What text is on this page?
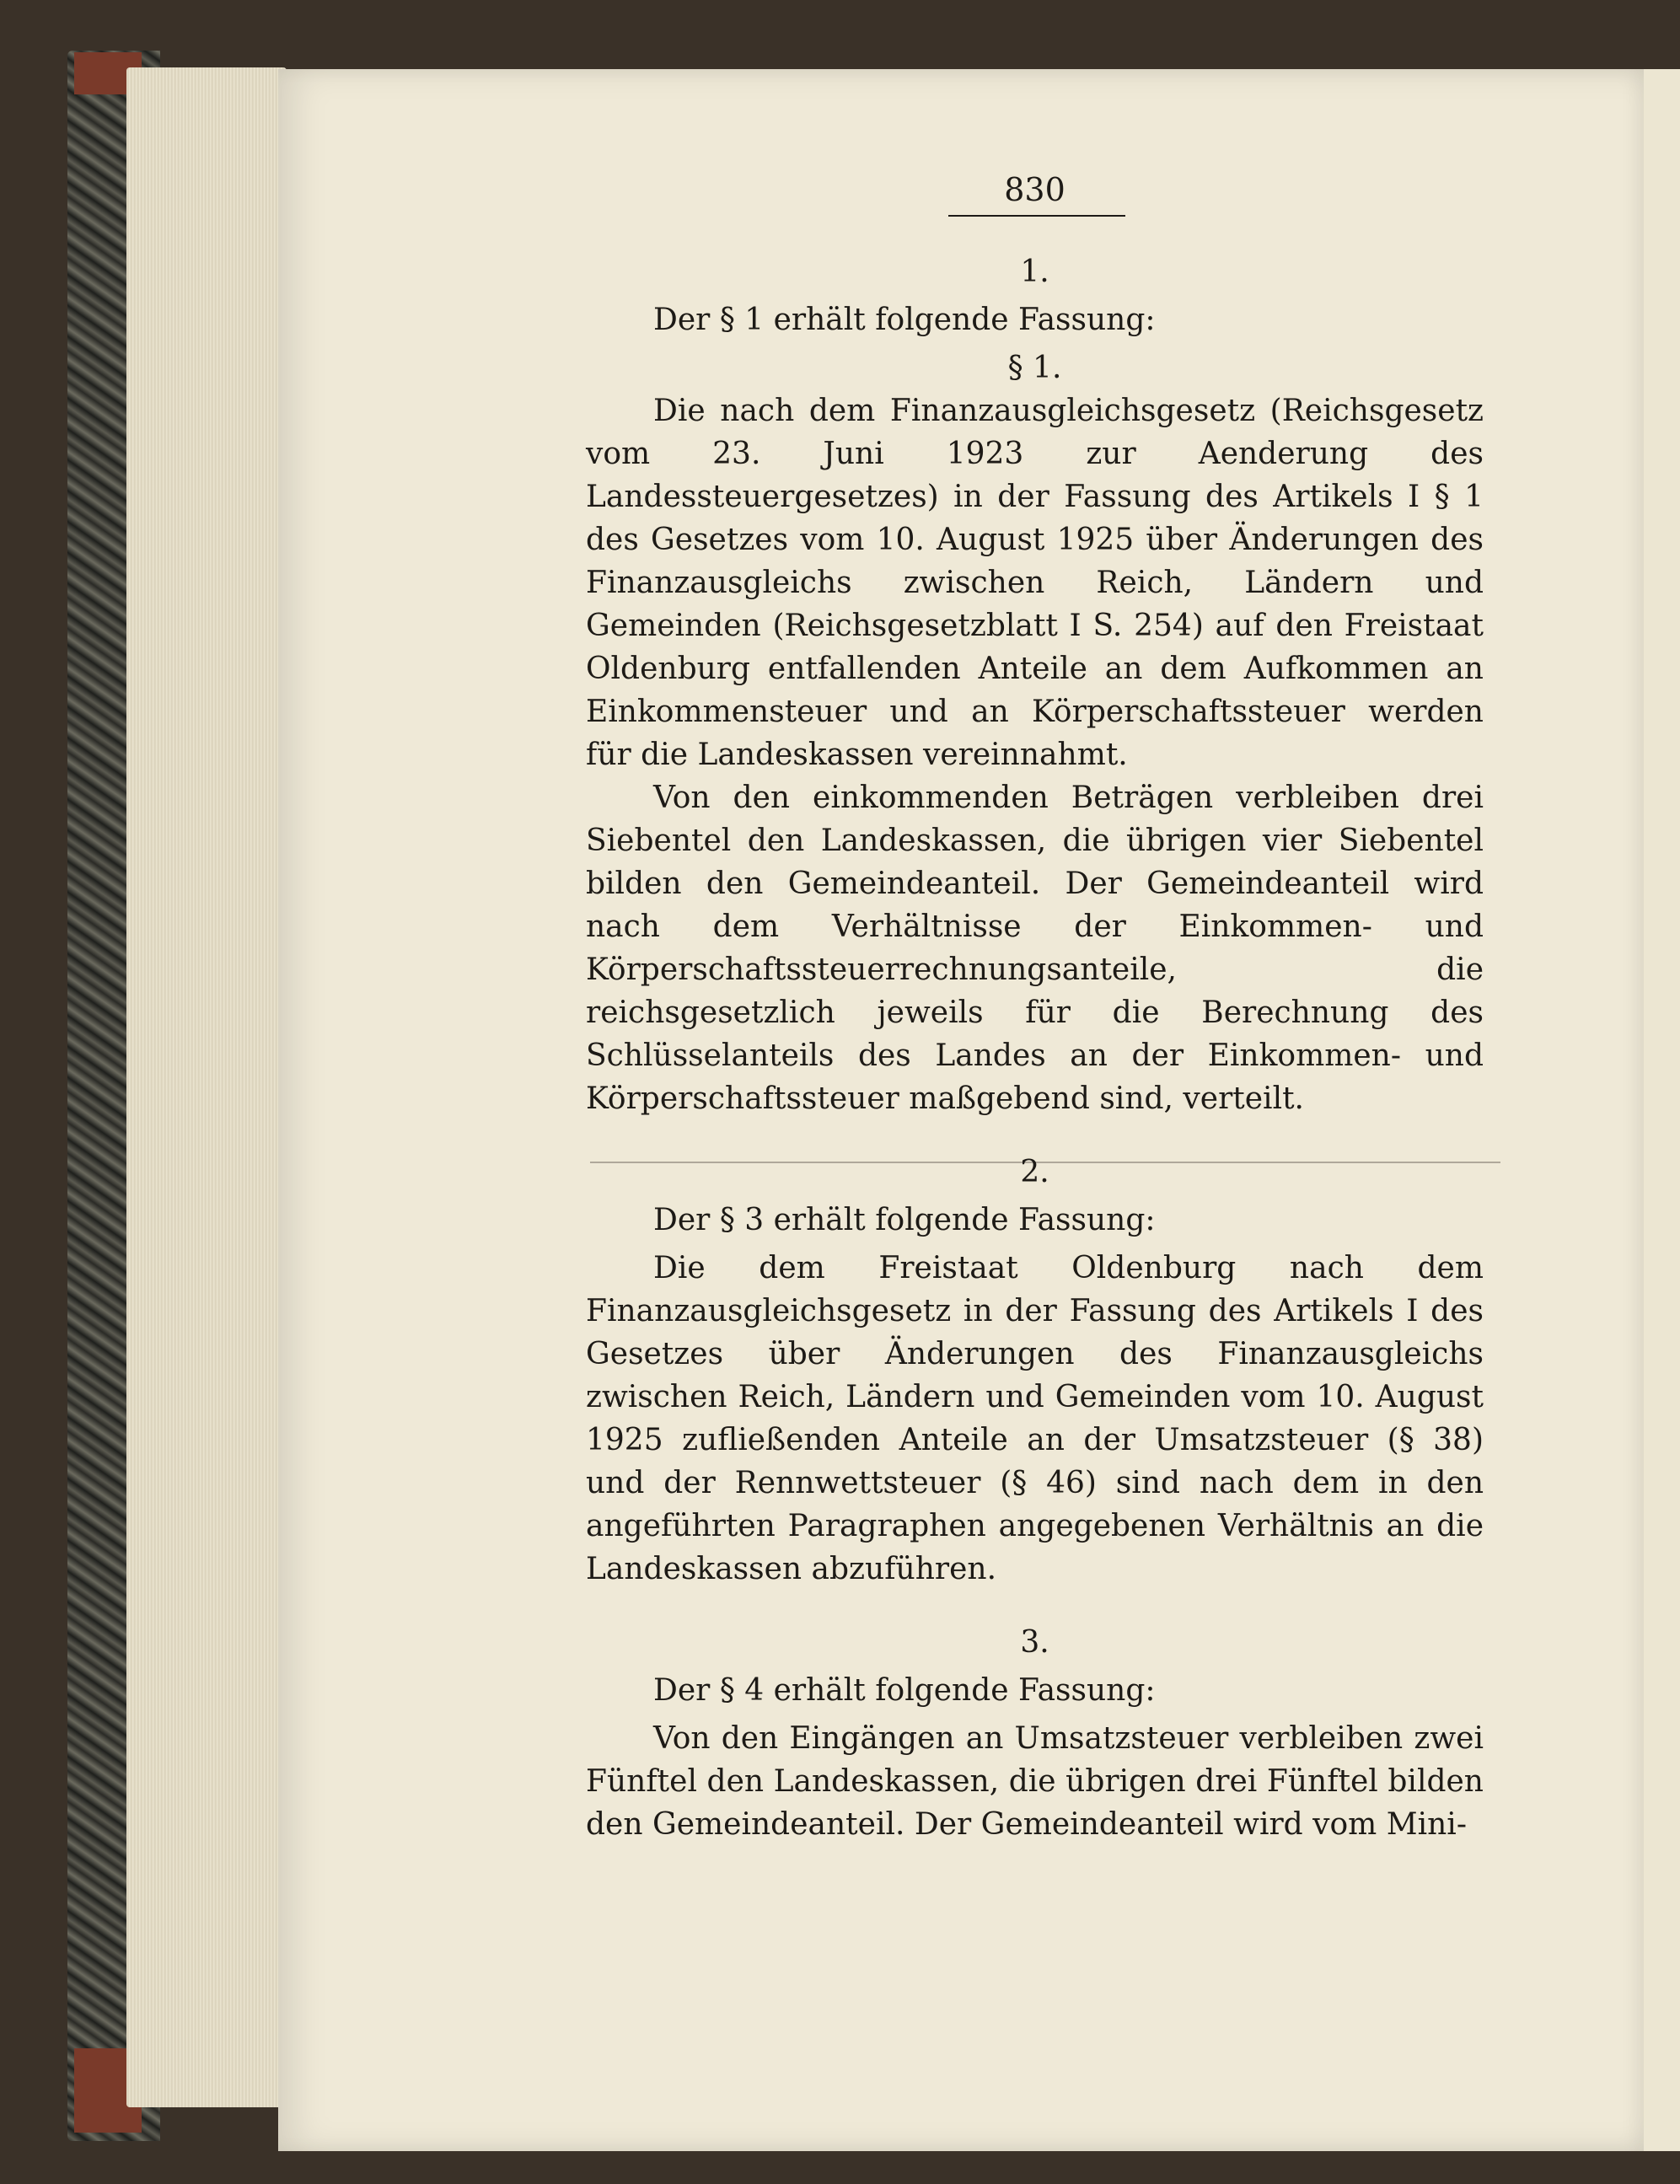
830
1.
Der § 1 erhält folgende Fassung:
§ 1.

Die nach dem Finanzausgleichsgesetz (Reichsgesetz vom 23. Juni 1923 zur Aenderung des Landessteuergesetzes) in der Fassung des Artikels I § 1 des Gesetzes vom 10. August 1925 über Änderungen des Finanzausgleichs zwischen Reich, Ländern und Gemeinden (Reichsgesetzblatt I S. 254) auf den Freistaat Oldenburg entfallenden Anteile an dem Aufkommen an Einkommensteuer und an Körperschaftssteuer werden für die Landeskassen vereinnahmt.

Von den einkommenden Beträgen verbleiben drei Siebentel den Landeskassen, die übrigen vier Siebentel bilden den Gemeindeanteil. Der Gemeindeanteil wird nach dem Verhältnisse der Einkommen- und Körperschaftssteuerrechnungsanteile, die reichsgesetzlich jeweils für die Berechnung des Schlüsselanteils des Landes an der Einkommen- und Körperschaftssteuer maßgebend sind, verteilt.

2.
Der § 3 erhält folgende Fassung:

Die dem Freistaat Oldenburg nach dem Finanzausgleichsgesetz in der Fassung des Artikels I des Gesetzes über Änderungen des Finanzausgleichs zwischen Reich, Ländern und Gemeinden vom 10. August 1925 zufließenden Anteile an der Umsatzsteuer (§ 38) und der Rennwettsteuer (§ 46) sind nach dem in den angeführten Paragraphen angegebenen Verhältnis an die Landeskassen abzuführen.

3.
Der § 4 erhält folgende Fassung:

Von den Eingängen an Umsatzsteuer verbleiben zwei Fünftel den Landeskassen, die übrigen drei Fünftel bilden den Gemeindeanteil. Der Gemeindeanteil wird vom Mini-
